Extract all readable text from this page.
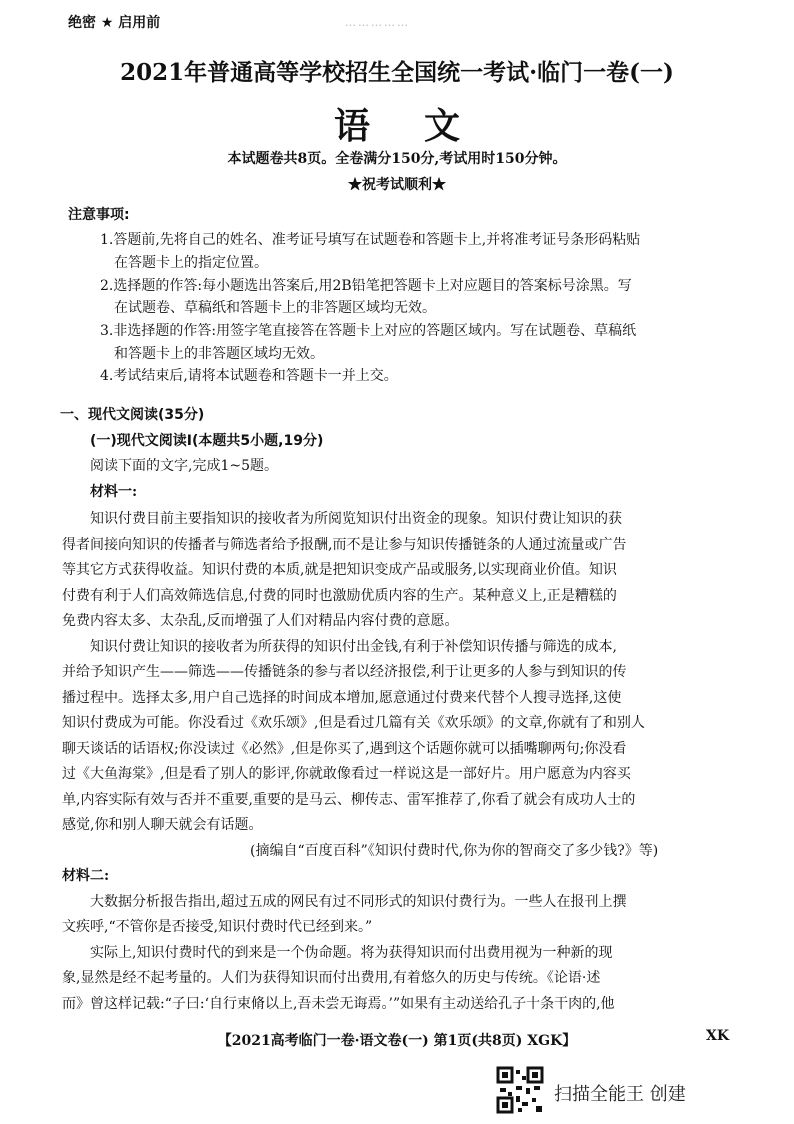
绝密 ★ 启用前	……………
2021年普通高等学校招生全国统一考试·临门一卷(一)
语文
本试题卷共8页。全卷满分150分,考试用时150分钟。
★祝考试顺利★
注意事项:
1.答题前,先将自己的姓名、准考证号填写在试题卷和答题卡上,并将准考证号条形码粘贴
在答题卡上的指定位置。
2.选择题的作答:每小题选出答案后,用2B铅笔把答题卡上对应题目的答案标号涂黑。写
在试题卷、草稿纸和答题卡上的非答题区域均无效。
3.非选择题的作答:用签字笔直接答在答题卡上对应的答题区域内。写在试题卷、草稿纸
和答题卡上的非答题区域均无效。
4.考试结束后,请将本试题卷和答题卡一并上交。
一、现代文阅读(35分)
(一)现代文阅读Ⅰ(本题共5小题,19分)
阅读下面的文字,完成1~5题。
材料一:
知识付费目前主要指知识的接收者为所阅览知识付出资金的现象。知识付费让知识的获
得者间接向知识的传播者与筛选者给予报酬,而不是让参与知识传播链条的人通过流量或广告
等其它方式获得收益。知识付费的本质,就是把知识变成产品或服务,以实现商业价值。知识
付费有利于人们高效筛选信息,付费的同时也激励优质内容的生产。某种意义上,正是糟糕的
免费内容太多、太杂乱,反而增强了人们对精品内容付费的意愿。
知识付费让知识的接收者为所获得的知识付出金钱,有利于补偿知识传播与筛选的成本,
并给予知识产生——筛选——传播链条的参与者以经济报偿,利于让更多的人参与到知识的传
播过程中。选择太多,用户自己选择的时间成本增加,愿意通过付费来代替个人搜寻选择,这使
知识付费成为可能。你没看过《欢乐颂》,但是看过几篇有关《欢乐颂》的文章,你就有了和别人
聊天谈话的话语权;你没读过《必然》,但是你买了,遇到这个话题你就可以插嘴聊两句;你没看
过《大鱼海棠》,但是看了别人的影评,你就敢像看过一样说这是一部好片。用户愿意为内容买
单,内容实际有效与否并不重要,重要的是马云、柳传志、雷军推荐了,你看了就会有成功人士的
感觉,你和别人聊天就会有话题。
(摘编自“百度百科”《知识付费时代,你为你的智商交了多少钱?》等)
材料二:
大数据分析报告指出,超过五成的网民有过不同形式的知识付费行为。一些人在报刊上撰
文疾呼,“不管你是否接受,知识付费时代已经到来。”
实际上,知识付费时代的到来是一个伪命题。将为获得知识而付出费用视为一种新的现
象,显然是经不起考量的。人们为获得知识而付出费用,有着悠久的历史与传统。《论语·述
而》曾这样记载:“子曰:‘自行束脩以上,吾未尝无诲焉。’”如果有主动送给孔子十条干肉的,他
【2021高考临门一卷·语文卷(一) 第1页(共8页) XGK】	XK
扫描全能王 创建
